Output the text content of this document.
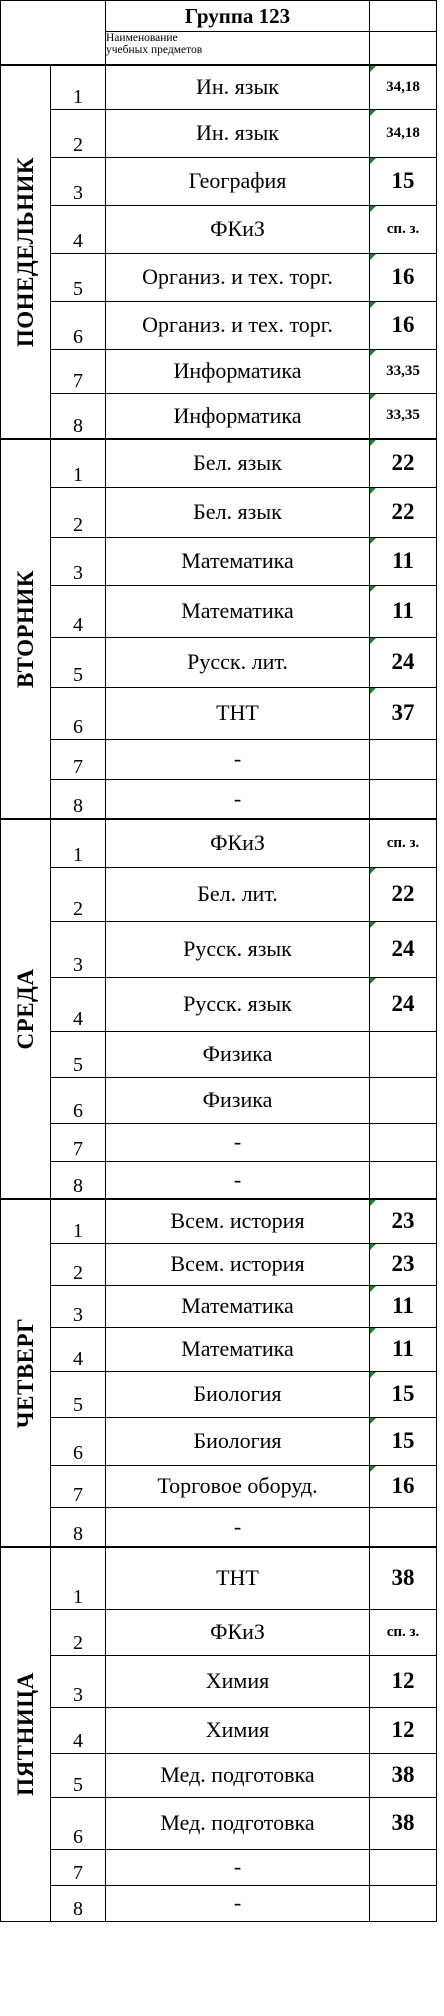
		Группа 123	
		Наименование
учебных предметов	

ПОНЕДЕЛЬНИК	1	Ин. язык	34,18
	2	Ин. язык	34,18
	3	География	15
	4	ФКиЗ	сп. з.
	5	Организ. и тех. торг.	16
	6	Организ. и тех. торг.	16
	7	Информатика	33,35
	8	Информатика	33,35

ВТОРНИК	1	Бел. язык	22
	2	Бел. язык	22
	3	Математика	11
	4	Математика	11
	5	Русск. лит.	24
	6	ТНТ	37
	7	-	
	8	-	

СРЕДА	1	ФКиЗ	сп. з.
	2	Бел. лит.	22
	3	Русск. язык	24
	4	Русск. язык	24
	5	Физика	
	6	Физика	
	7	-	
	8	-	

ЧЕТВЕРГ	1	Всем. история	23
	2	Всем. история	23
	3	Математика	11
	4	Математика	11
	5	Биология	15
	6	Биология	15
	7	Торговое оборуд.	16
	8	-	

ПЯТНИЦА	1	ТНТ	38
	2	ФКиЗ	сп. з.
	3	Химия	12
	4	Химия	12
	5	Мед. подготовка	38
	6	Мед. подготовка	38
	7	-	
	8	-	
